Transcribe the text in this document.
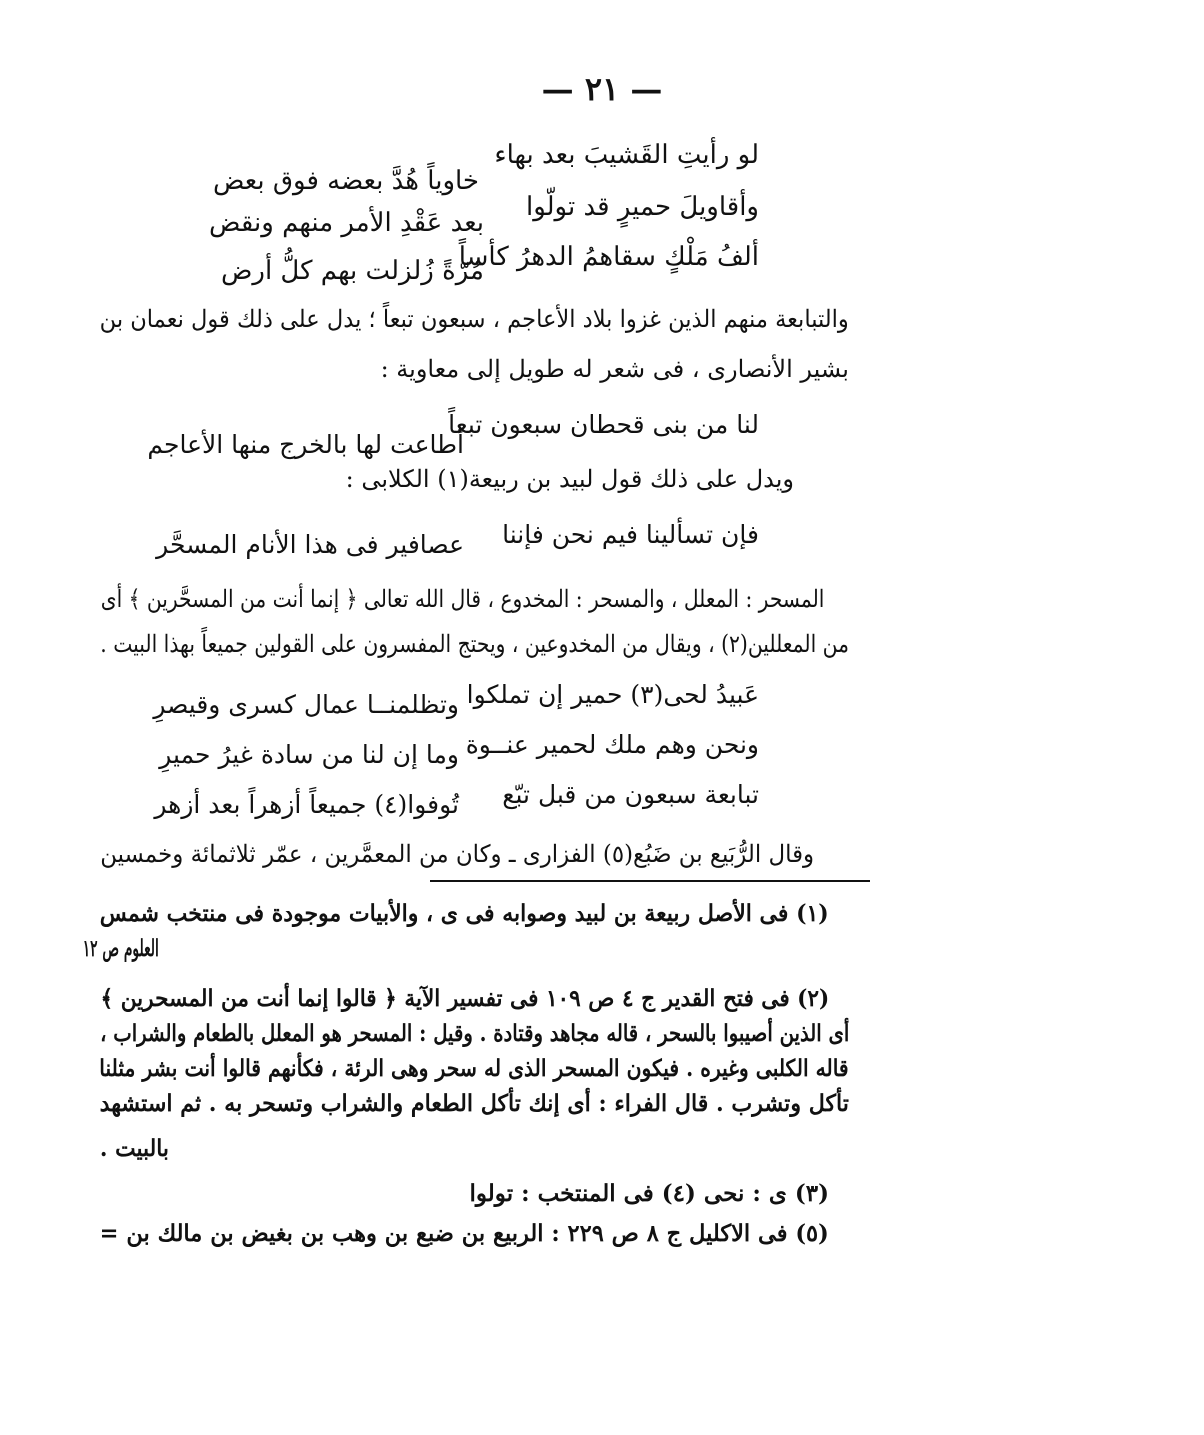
— ٢١ —
لو رأيتِ القَشيبَ بعد بهاء
خاوياً هُدَّ بعضه فوق بعض
وأقاويلَ حميرٍ قد تولّوا
بعد عَقْدِ الأمر منهم ونقض
ألفُ مَلْكٍ سقاهمُ الدهرُ كأساً
مُرّةً زُلزلت بهم كلُّ أرض
والتبابعة منهم الذين غزوا بلاد الأعاجم ، سبعون تبعاً ؛ يدل على ذلك قول نعمان بن
بشير الأنصارى ، فى شعر له طويل إلى معاوية :
لنا من بنى قحطان سبعون تبعاً
أطاعت لها بالخرج منها الأعاجم
ويدل على ذلك قول لبيد بن ربيعة(١) الكلابى :
فإن تسألينا فيم نحن فإننا
عصافير فى هذا الأنام المسحَّر
المسحر : المعلل ، والمسحر : المخدوع ، قال الله تعالى ﴿ إنما أنت من المسحَّرين ﴾ أى
من المعللين(٢) ، ويقال من المخدوعين ، ويحتج المفسرون على القولين جميعاً بهذا البيت .
عَبيدُ لحى(٣) حمير إن تملكوا
وتظلمنــا عمال كسرى وقيصرِ
ونحن وهم ملك لحمير عنــوة
وما إن لنا من سادة غيرُ حميرِ
تبابعة سبعون من قبل تبّع
تُوفوا(٤) جميعاً أزهراً بعد أزهر
وقال الرُّبَيع بن ضَبُع(٥) الفزارى ـ وكان من المعمَّرين ، عمّر ثلاثمائة وخمسين
(١) فى الأصل ربيعة بن لبيد وصوابه فى ى ، والأبيات موجودة فى منتخب شمس
العلوم ص ١٢
(٢) فى فتح القدير ج ٤ ص ١٠٩ فى تفسير الآية ﴿ قالوا إنما أنت من المسحرين ﴾
أى الذين أصيبوا بالسحر ، قاله مجاهد وقتادة . وقيل : المسحر هو المعلل بالطعام والشراب ،
قاله الكلبى وغيره . فيكون المسحر الذى له سحر وهى الرئة ، فكأنهم قالوا أنت بشر مثلنا
تأكل وتشرب . قال الفراء : أى إنك تأكل الطعام والشراب وتسحر به . ثم استشهد
بالبيت .
(٣) ى : نحى (٤) فى المنتخب : تولوا
(٥) فى الاكليل ج ٨ ص ٢٢٩ : الربيع بن ضبع بن وهب بن بغيض بن مالك بن =
